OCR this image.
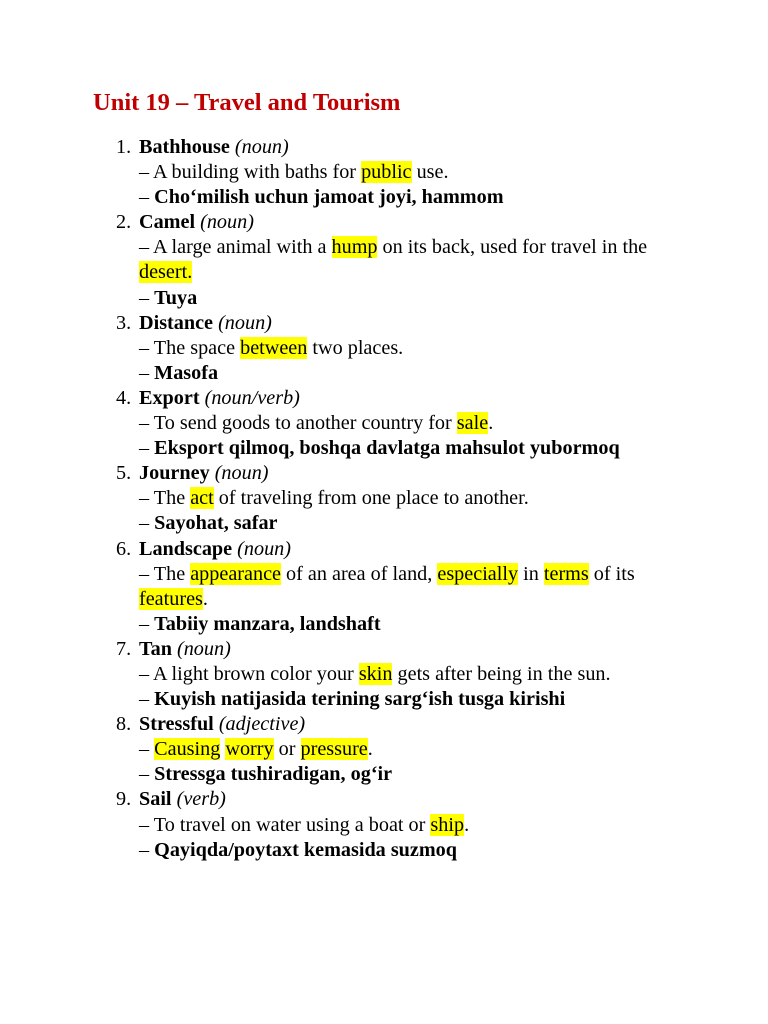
Unit 19 – Travel and Tourism
1. Bathhouse (noun)
– A building with baths for public use.
– Cho‘milish uchun jamoat joyi, hammom
2. Camel (noun)
– A large animal with a hump on its back, used for travel in the desert.
– Tuya
3. Distance (noun)
– The space between two places.
– Masofa
4. Export (noun/verb)
– To send goods to another country for sale.
– Eksport qilmoq, boshqa davlatga mahsulot yubormoq
5. Journey (noun)
– The act of traveling from one place to another.
– Sayohat, safar
6. Landscape (noun)
– The appearance of an area of land, especially in terms of its features.
– Tabiiy manzara, landshaft
7. Tan (noun)
– A light brown color your skin gets after being in the sun.
– Kuyish natijasida terining sarg‘ish tusga kirishi
8. Stressful (adjective)
– Causing worry or pressure.
– Stressga tushiradigan, og‘ir
9. Sail (verb)
– To travel on water using a boat or ship.
– Qayiqda/poytaxt kemasida suzmoq
